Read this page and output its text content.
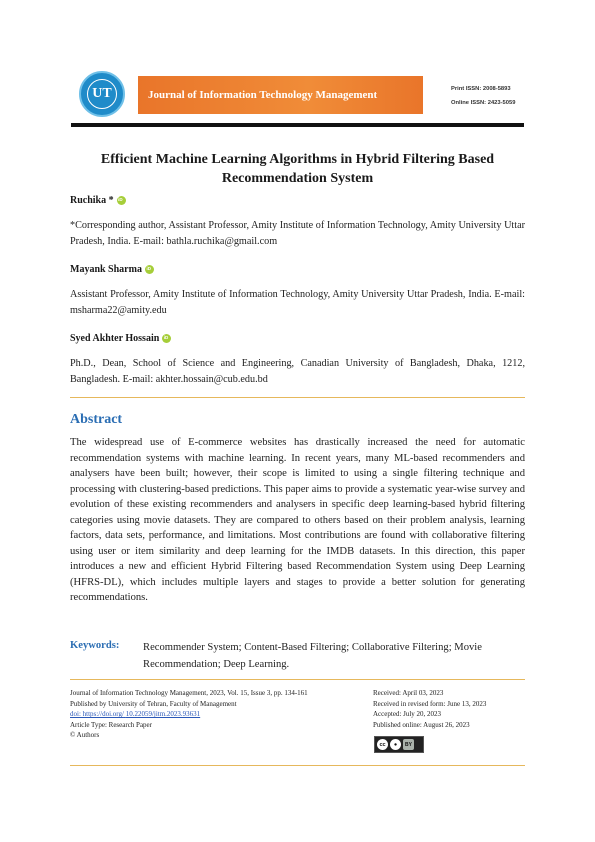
UT	Journal of Information Technology Management	Print ISSN: 2008-5893
Online ISSN: 2423-5059
Efficient Machine Learning Algorithms in Hybrid Filtering Based Recommendation System
Ruchika *
iD
*Corresponding author, Assistant Professor, Amity Institute of Information Technology, Amity University Uttar Pradesh, India. E-mail: bathla.ruchika@gmail.com
Mayank Sharma
iD
Assistant Professor, Amity Institute of Information Technology, Amity University Uttar Pradesh, India. E-mail: msharma22@amity.edu
Syed Akhter Hossain
iD
Ph.D., Dean, School of Science and Engineering, Canadian University of Bangladesh, Dhaka, 1212, Bangladesh. E-mail: akhter.hossain@cub.edu.bd
Abstract
The widespread use of E-commerce websites has drastically increased the need for automatic recommendation systems with machine learning. In recent years, many ML-based recommenders and analysers have been built; however, their scope is limited to using a single filtering technique and processing with clustering-based predictions. This paper aims to provide a systematic year-wise survey and evolution of these existing recommenders and analysers in specific deep learning-based hybrid filtering categories using movie datasets. They are compared to others based on their problem analysis, learning factors, data sets, performance, and limitations. Most contributions are found with collaborative filtering using user or item similarity and deep learning for the IMDB datasets. In this direction, this paper introduces a new and efficient Hybrid Filtering based Recommendation System using Deep Learning (HFRS-DL), which includes multiple layers and stages to provide a better solution for generating recommendations.
Keywords: Recommender System; Content-Based Filtering; Collaborative Filtering; Movie Recommendation; Deep Learning.
Journal of Information Technology Management, 2023, Vol. 15, Issue 3, pp. 134-161
Published by University of Tehran, Faculty of Management
doi: https://doi.org/ 10.22059/jitm.2023.93631
Article Type: Research Paper
© Authors
Received: April 03, 2023
Received in revised form: June 13, 2023
Accepted: July 20, 2023
Published online: August 26, 2023
cc	●	BY
